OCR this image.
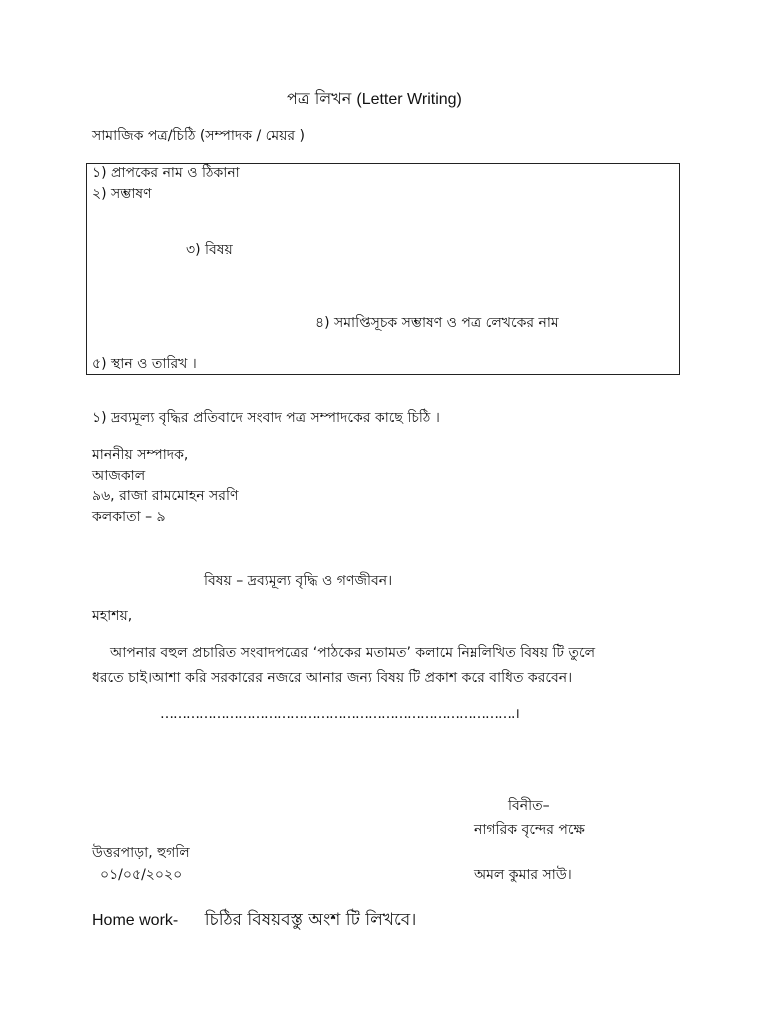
পত্র লিখন (Letter Writing)
সামাজিক পত্র/চিঠি (সম্পাদক / মেয়র )
১) প্রাপকের নাম ও ঠিকানা
২) সম্ভাষণ
৩) বিষয়
৪) সমাপ্তিসূচক সম্ভাষণ ও পত্র লেখকের নাম
৫) স্থান ও তারিখ ।
১) দ্রব্যমূল্য বৃদ্ধির প্রতিবাদে সংবাদ পত্র সম্পাদকের কাছে চিঠি ।
মাননীয় সম্পাদক,
আজকাল
৯৬, রাজা রামমোহন সরণি
কলকাতা – ৯
বিষয় – দ্রব্যমূল্য বৃদ্ধি ও গণজীবন।
মহাশয়,
আপনার বহুল প্রচারিত সংবাদপত্রের ‘পাঠকের মতামত’ কলামে নিম্নলিখিত বিষয় টি তুলে
ধরতে চাই।আশা করি সরকারের নজরে আনার জন্য বিষয় টি প্রকাশ করে বাধিত করবেন।
……………………………………………………………………….।
বিনীত–
নাগরিক বৃন্দের পক্ষে
উত্তরপাড়া, হুগলি
০১/০৫/২০২০	অমল কুমার সাউ।
Home work- চিঠির বিষয়বস্তু অংশ টি লিখবে।
